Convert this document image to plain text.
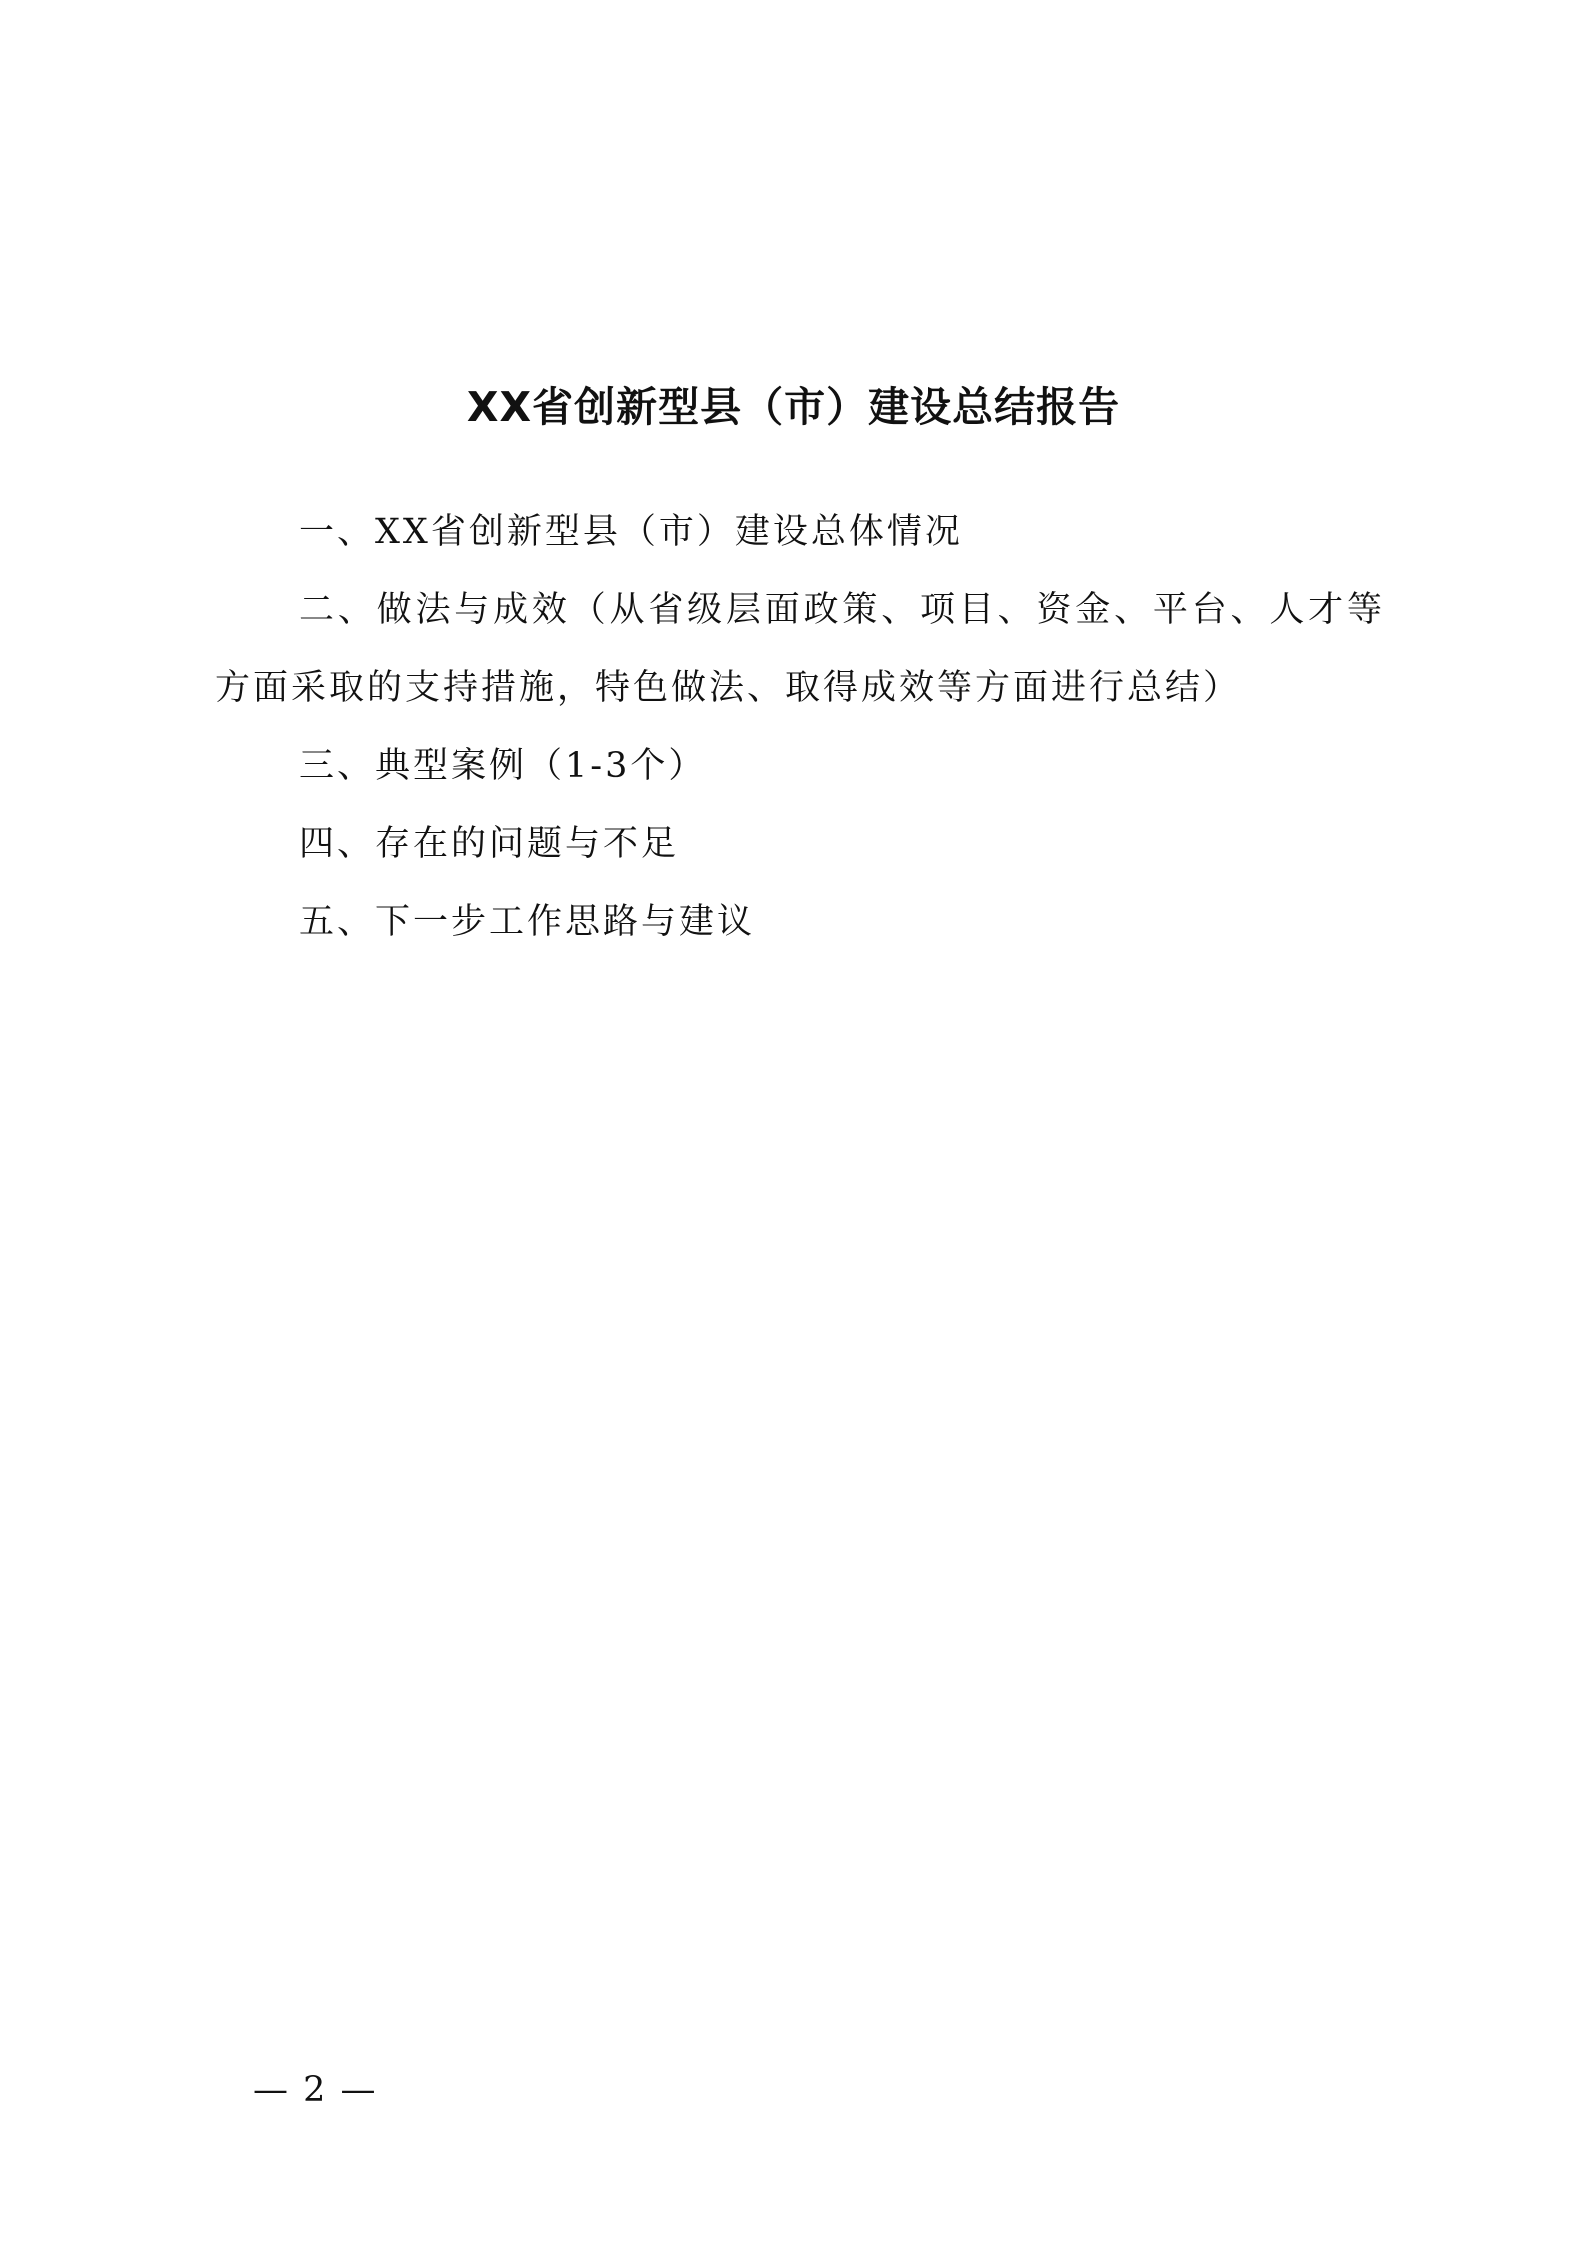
XX省创新型县（市）建设总结报告

一、XX省创新型县（市）建设总体情况

二、做法与成效（从省级层面政策、项目、资金、平台、人才等方面采取的支持措施，特色做法、取得成效等方面进行总结）

三、典型案例（1-3个）

四、存在的问题与不足

五、下一步工作思路与建议

— 2 —
